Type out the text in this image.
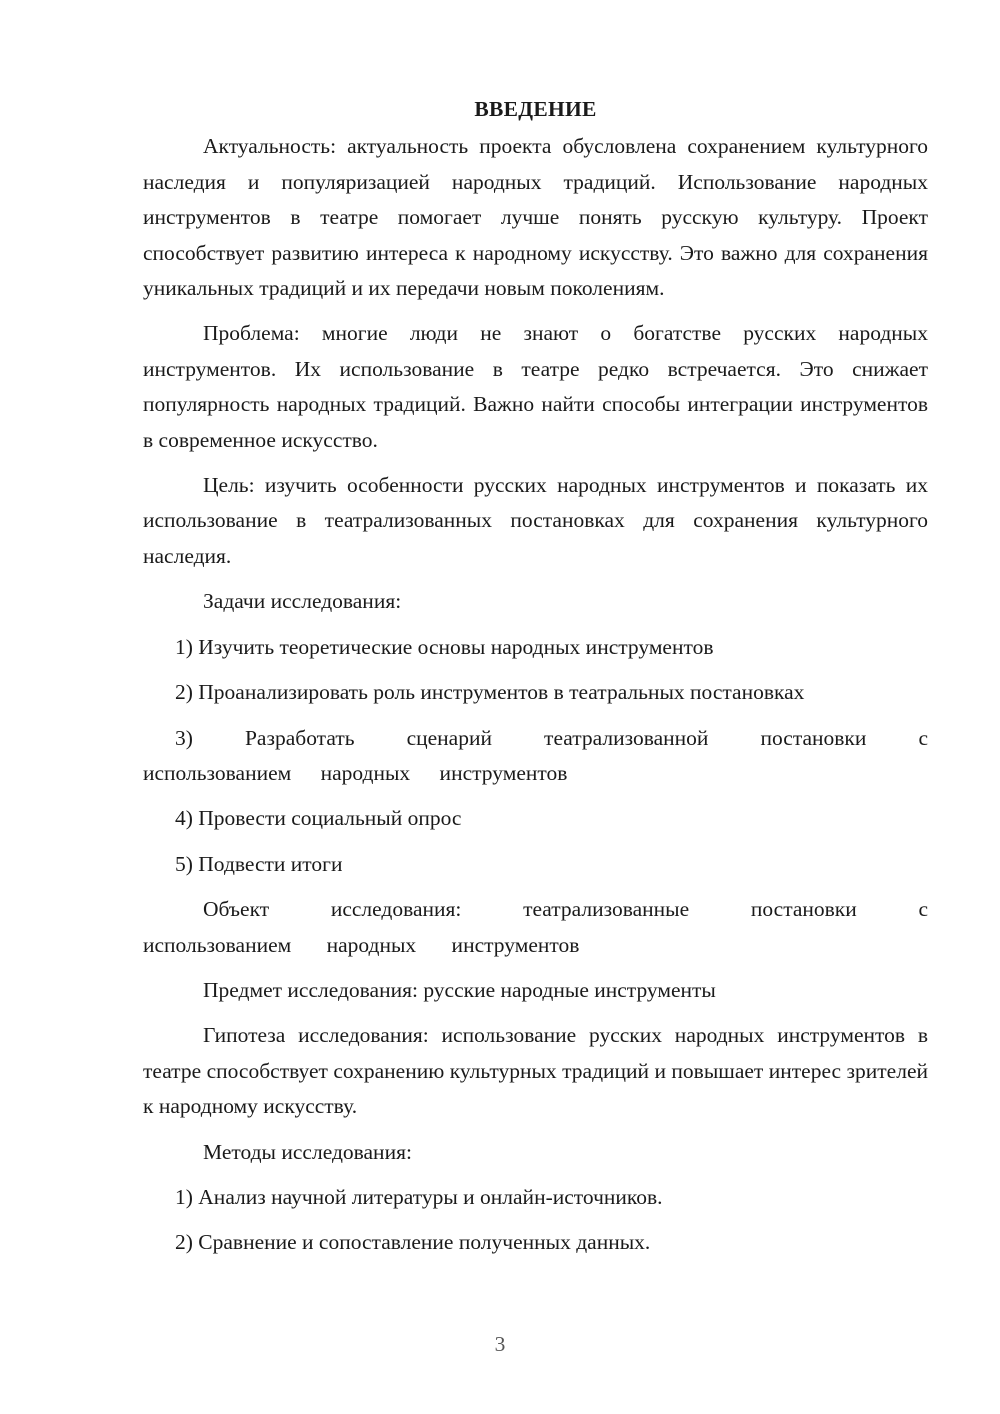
ВВЕДЕНИЕ

Актуальность: актуальность проекта обусловлена сохранением культурного наследия и популяризацией народных традиций. Использование народных инструментов в театре помогает лучше понять русскую культуру. Проект способствует развитию интереса к народному искусству. Это важно для сохранения уникальных традиций и их передачи новым поколениям.

Проблема: многие люди не знают о богатстве русских народных инструментов. Их использование в театре редко встречается. Это снижает популярность народных традиций. Важно найти способы интеграции инструментов в современное искусство.

Цель: изучить особенности русских народных инструментов и показать их использование в театрализованных постановках для сохранения культурного наследия.

Задачи исследования:

1) Изучить теоретические основы народных инструментов

2) Проанализировать роль инструментов в театральных постановках

3) Разработать сценарий театрализованной постановки с использованием народных инструментов

4) Провести социальный опрос

5) Подвести итоги

Объект исследования: театрализованные постановки с использованием народных инструментов

Предмет исследования: русские народные инструменты

Гипотеза исследования: использование русских народных инструментов в театре способствует сохранению культурных традиций и повышает интерес зрителей к народному искусству.

Методы исследования:

1) Анализ научной литературы и онлайн-источников.

2) Сравнение и сопоставление полученных данных.

3
